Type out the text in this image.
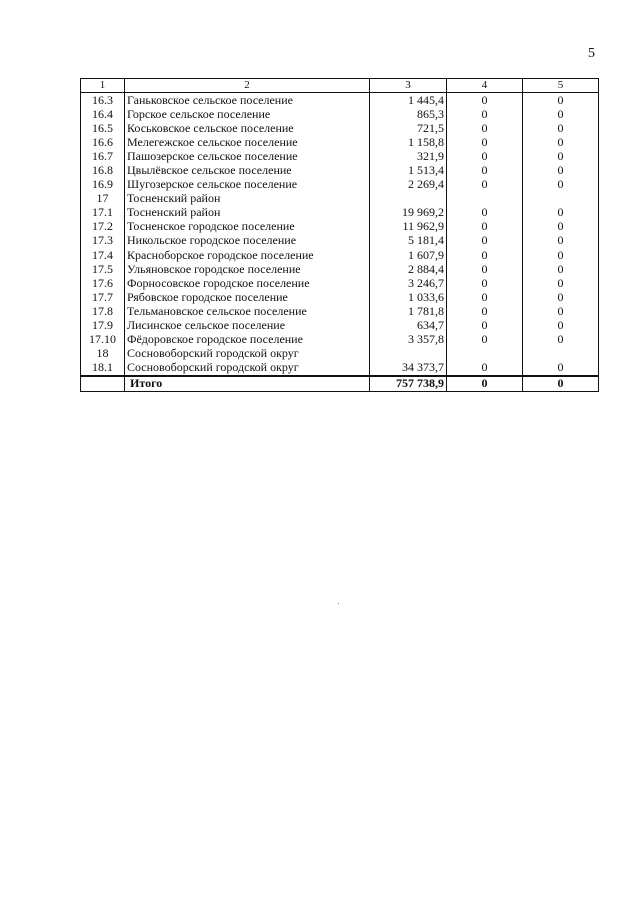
5
1	2	3	4	5
16.3	Ганьковское сельское поселение	1 445,4	0	0
16.4	Горское сельское поселение	865,3	0	0
16.5	Коськовское сельское поселение	721,5	0	0
16.6	Мелегежское сельское поселение	1 158,8	0	0
16.7	Пашозерское сельское поселение	321,9	0	0
16.8	Цвылёвское сельское поселение	1 513,4	0	0
16.9	Шугозерское сельское поселение	2 269,4	0	0
17	Тосненский район			
17.1	Тосненский район	19 969,2	0	0
17.2	Тосненское городское поселение	11 962,9	0	0
17.3	Никольское городское поселение	5 181,4	0	0
17.4	Красноборское городское поселение	1 607,9	0	0
17.5	Ульяновское городское поселение	2 884,4	0	0
17.6	Форносовское городское поселение	3 246,7	0	0
17.7	Рябовское городское поселение	1 033,6	0	0
17.8	Тельмановское сельское поселение	1 781,8	0	0
17.9	Лисинское сельское поселение	634,7	0	0
17.10	Фёдоровское городское поселение	3 357,8	0	0
18	Сосновоборский городской округ			
18.1	Сосновоборский городской округ	34 373,7	0	0
	Итого	757 738,9	0	0
